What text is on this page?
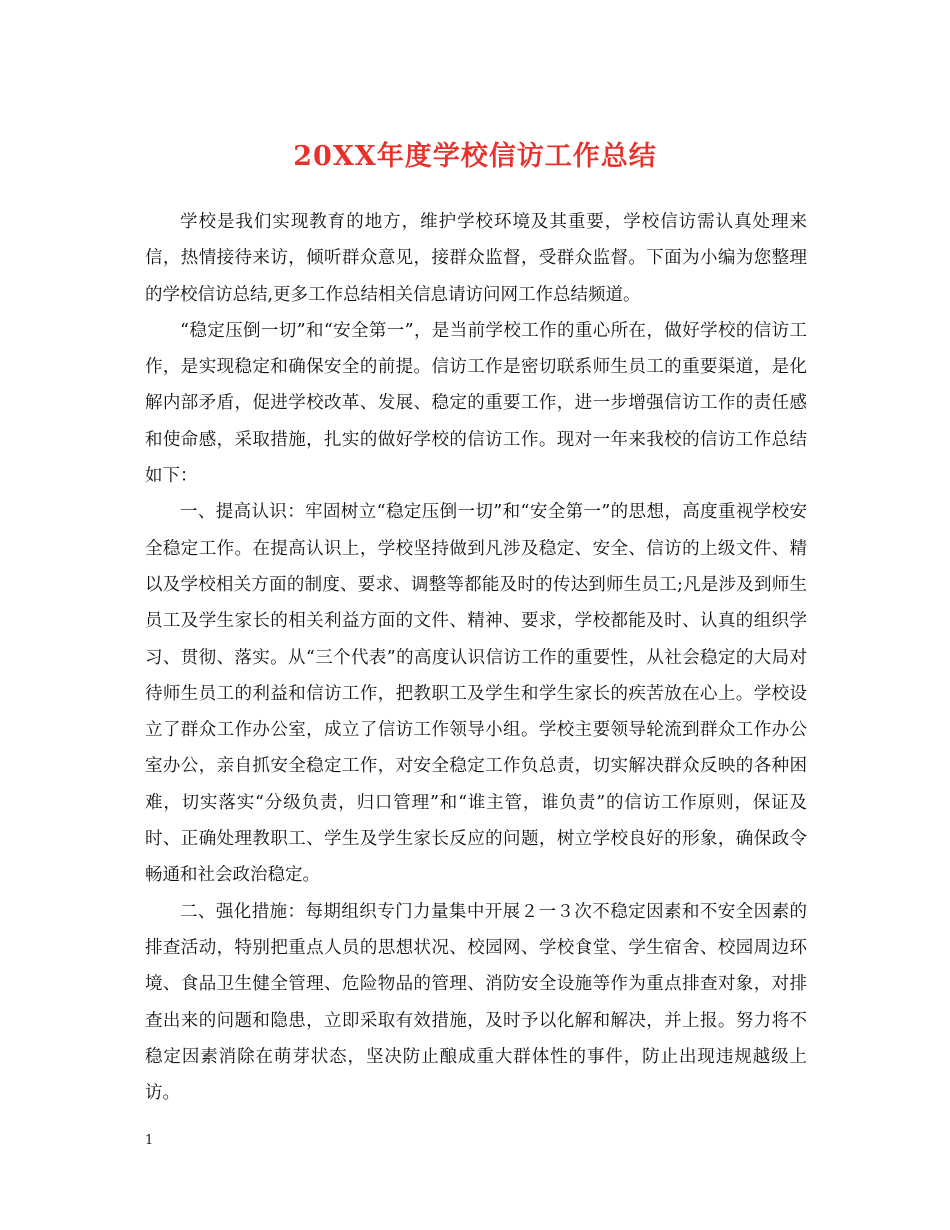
20XX年度学校信访工作总结

学校是我们实现教育的地方，维护学校环境及其重要，学校信访需认真处理来信，热情接待来访，倾听群众意见，接群众监督，受群众监督。下面为小编为您整理的学校信访总结,更多工作总结相关信息请访问网工作总结频道。

“稳定压倒一切”和“安全第一”，是当前学校工作的重心所在，做好学校的信访工作，是实现稳定和确保安全的前提。信访工作是密切联系师生员工的重要渠道，是化解内部矛盾，促进学校改革、发展、稳定的重要工作，进一步增强信访工作的责任感和使命感，采取措施，扎实的做好学校的信访工作。现对一年来我校的信访工作总结如下：

一、提高认识：牢固树立“稳定压倒一切”和“安全第一”的思想，高度重视学校安全稳定工作。在提高认识上，学校坚持做到凡涉及稳定、安全、信访的上级文件、精以及学校相关方面的制度、要求、调整等都能及时的传达到师生员工;凡是涉及到师生员工及学生家长的相关利益方面的文件、精神、要求，学校都能及时、认真的组织学习、贯彻、落实。从“三个代表”的高度认识信访工作的重要性，从社会稳定的大局对待师生员工的利益和信访工作，把教职工及学生和学生家长的疾苦放在心上。学校设立了群众工作办公室，成立了信访工作领导小组。学校主要领导轮流到群众工作办公室办公，亲自抓安全稳定工作，对安全稳定工作负总责，切实解决群众反映的各种困难，切实落实“分级负责，归口管理”和“谁主管，谁负责”的信访工作原则，保证及时、正确处理教职工、学生及学生家长反应的问题，树立学校良好的形象，确保政令畅通和社会政治稳定。

二、强化措施：每期组织专门力量集中开展２一３次不稳定因素和不安全因素的排查活动，特别把重点人员的思想状况、校园网、学校食堂、学生宿舍、校园周边环境、食品卫生健全管理、危险物品的管理、消防安全设施等作为重点排查对象，对排查出来的问题和隐患，立即采取有效措施，及时予以化解和解决，并上报。努力将不稳定因素消除在萌芽状态，坚决防止酿成重大群体性的事件，防止出现违规越级上访。

1
